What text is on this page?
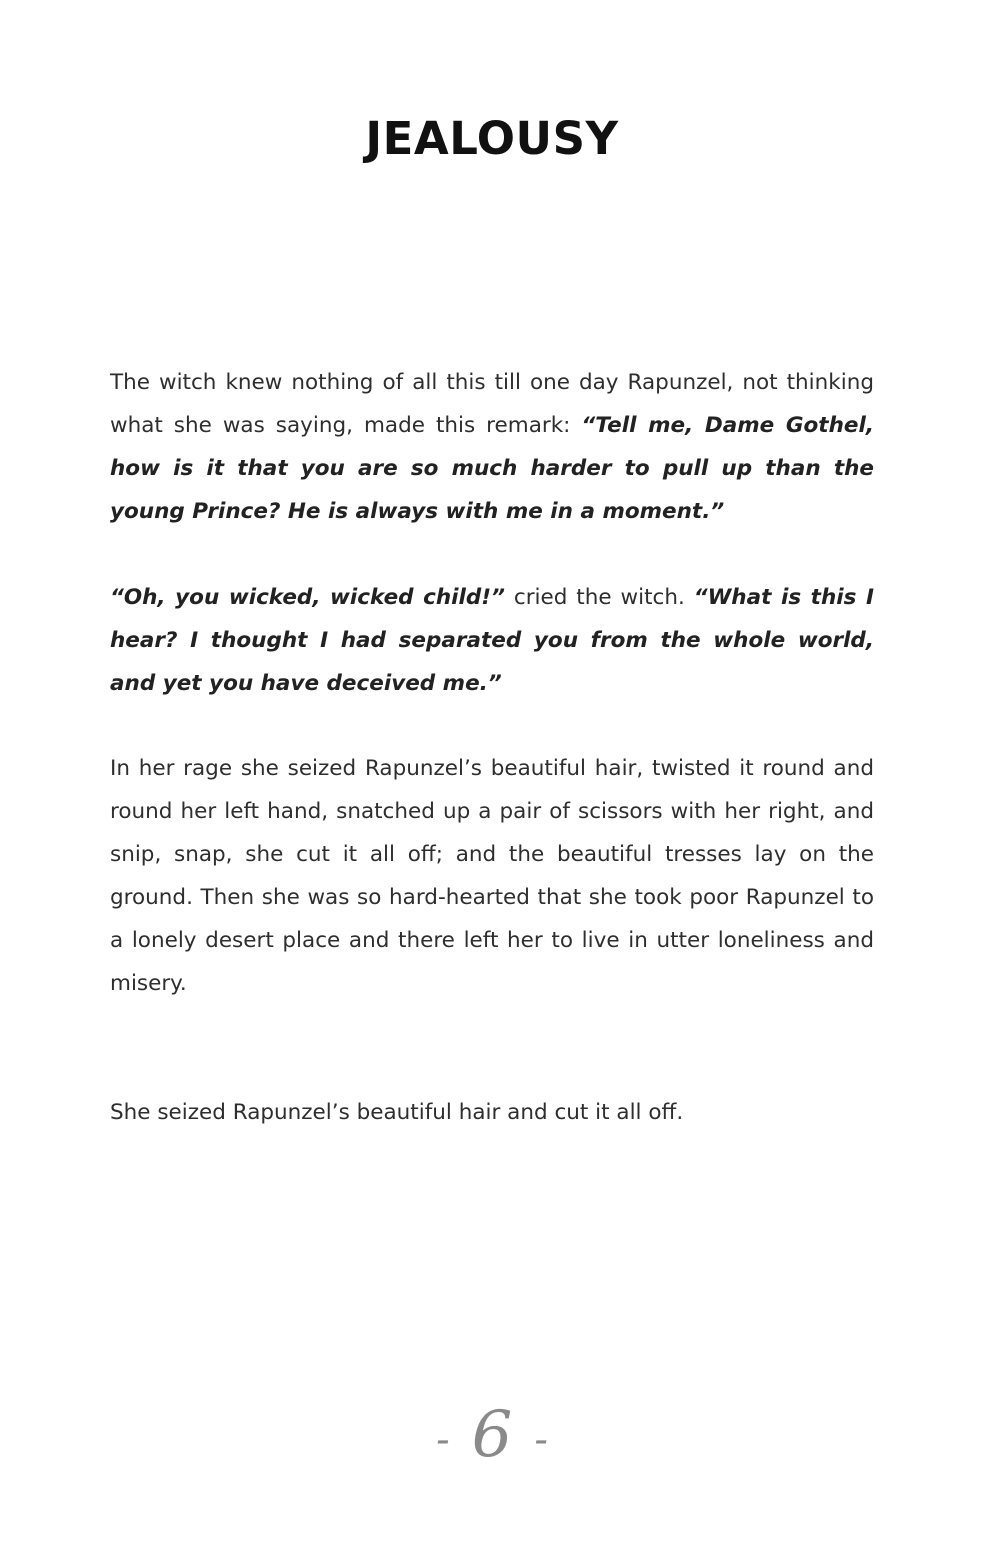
JEALOUSY

The witch knew nothing of all this till one day Rapunzel, not thinking what she was saying, made this remark: “Tell me, Dame Gothel, how is it that you are so much harder to pull up than the young Prince? He is always with me in a moment.”

“Oh, you wicked, wicked child!” cried the witch. “What is this I hear? I thought I had separated you from the whole world, and yet you have deceived me.”

In her rage she seized Rapunzel’s beautiful hair, twisted it round and round her left hand, snatched up a pair of scissors with her right, and snip, snap, she cut it all off; and the beautiful tresses lay on the ground. Then she was so hard-hearted that she took poor Rapunzel to a lonely desert place and there left her to live in utter loneliness and misery.

She seized Rapunzel’s beautiful hair and cut it all off.

- 6 -
